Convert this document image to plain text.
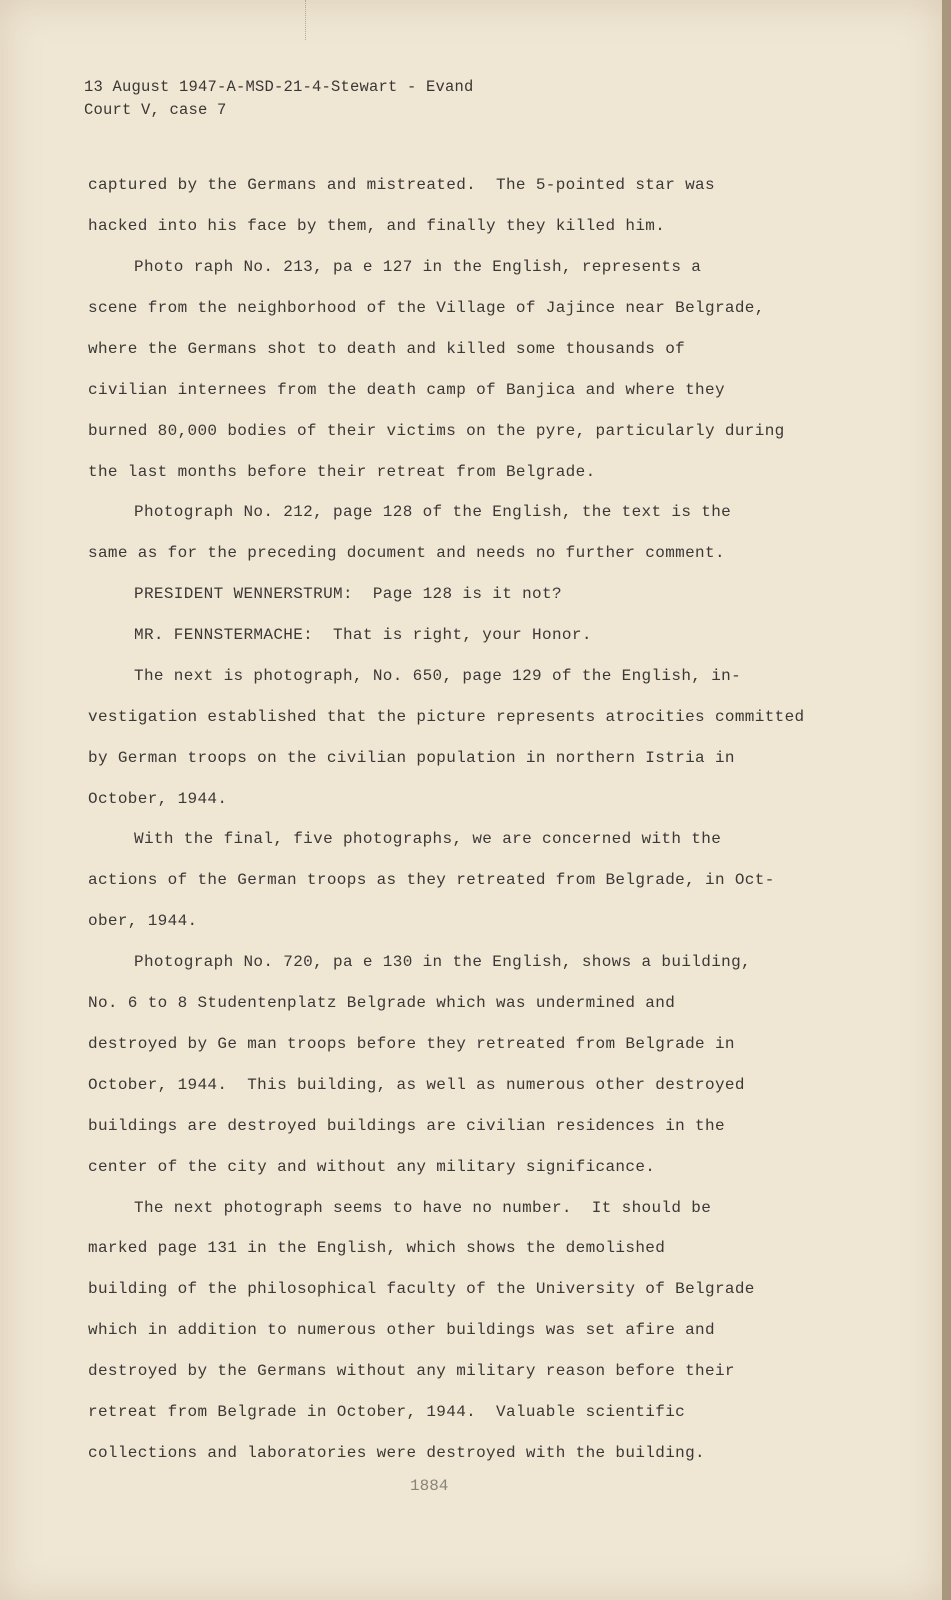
13 August 1947-A-MSD-21-4-Stewart - Evand
Court V, case 7
captured by the Germans and mistreated.  The 5-pointed star was
hacked into his face by them, and finally they killed him.
Photo raph No. 213, pa e 127 in the English, represents a
scene from the neighborhood of the Village of Jajince near Belgrade,
where the Germans shot to death and killed some thousands of
civilian internees from the death camp of Banjica and where they
burned 80,000 bodies of their victims on the pyre, particularly during
the last months before their retreat from Belgrade.
Photograph No. 212, page 128 of the English, the text is the
same as for the preceding document and needs no further comment.
PRESIDENT WENNERSTRUM:  Page 128 is it not?
MR. FENNSTERMACHE:  That is right, your Honor.
The next is photograph, No. 650, page 129 of the English, in-
vestigation established that the picture represents atrocities committed
by German troops on the civilian population in northern Istria in
October, 1944.
With the final, five photographs, we are concerned with the
actions of the German troops as they retreated from Belgrade, in Oct-
ober, 1944.
Photograph No. 720, pa e 130 in the English, shows a building,
No. 6 to 8 Studentenplatz Belgrade which was undermined and
destroyed by Ge man troops before they retreated from Belgrade in
October, 1944.  This building, as well as numerous other destroyed
buildings are destroyed buildings are civilian residences in the
center of the city and without any military significance.
The next photograph seems to have no number.  It should be
marked page 131 in the English, which shows the demolished
building of the philosophical faculty of the University of Belgrade
which in addition to numerous other buildings was set afire and
destroyed by the Germans without any military reason before their
retreat from Belgrade in October, 1944.  Valuable scientific
collections and laboratories were destroyed with the building.
1884
